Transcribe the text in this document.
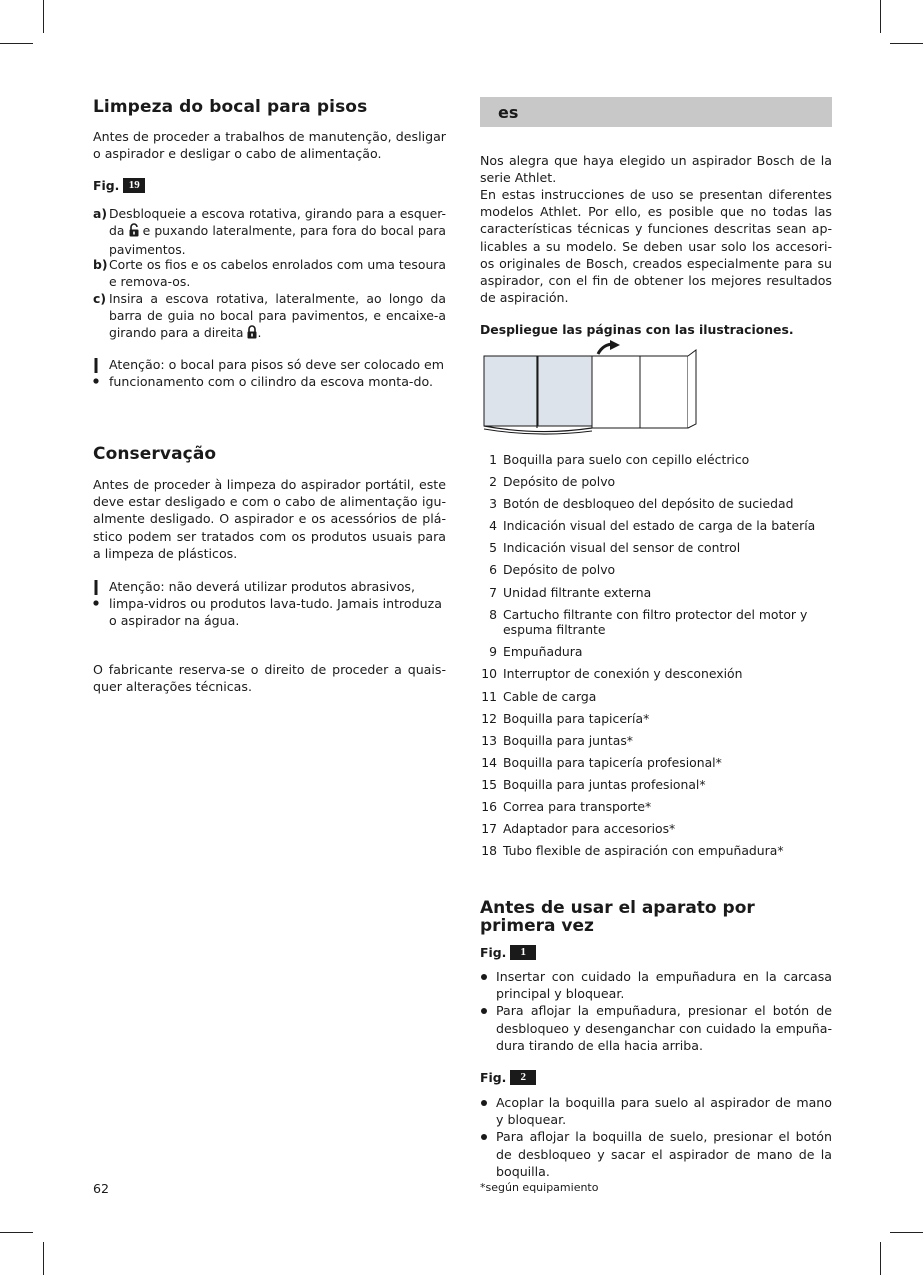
Limpeza do bocal para pisos

Antes de proceder a trabalhos de manutenção, desligar o aspirador e desligar o cabo de alimentação.

Fig. 19
a) Desbloqueie a escova rotativa, girando para a esquer-da  e puxando lateralmente, para fora do bocal para pavimentos.
b) Corte os fios e os cabelos enrolados com uma tesoura e remova-os.
c) Insira a escova rotativa, lateralmente, ao longo da barra de guia no bocal para pavimentos, e encaixe-a girando para a direita .
Atenção: o bocal para pisos só deve ser colocado em funcionamento com o cilindro da escova monta-do.
Conservação

Antes de proceder à limpeza do aspirador portátil, este deve estar desligado e com o cabo de alimentação igu-almente desligado. O aspirador e os acessórios de plá-stico podem ser tratados com os produtos usuais para a limpeza de plásticos.

Atenção: não deverá utilizar produtos abrasivos, limpa-vidros ou produtos lava-tudo. Jamais introduza o aspirador na água.

O fabricante reserva-se o direito de proceder a quais-quer alterações técnicas.

62
es

Nos alegra que haya elegido un aspirador Bosch de la serie Athlet.

En estas instrucciones de uso se presentan diferentes modelos Athlet. Por ello, es posible que no todas las características técnicas y funciones descritas sean ap-licables a su modelo. Se deben usar solo los accesori-os originales de Bosch, creados especialmente para su aspirador, con el fin de obtener los mejores resultados de aspiración.

Despliegue las páginas con las ilustraciones.
1 Boquilla para suelo con cepillo eléctrico
2 Depósito de polvo
3 Botón de desbloqueo del depósito de suciedad
4 Indicación visual del estado de carga de la batería
5 Indicación visual del sensor de control
6 Depósito de polvo
7 Unidad filtrante externa
8 Cartucho filtrante con filtro protector del motor y espuma filtrante
9 Empuñadura
10 Interruptor de conexión y desconexión
11 Cable de carga
12 Boquilla para tapicería*
13 Boquilla para juntas*
14 Boquilla para tapicería profesional*
15 Boquilla para juntas profesional*
16 Correa para transporte*
17 Adaptador para accesorios*
18 Tubo flexible de aspiración con empuñadura*
Antes de usar el aparato por primera vez
Fig.	1
Insertar con cuidado la empuñadura en la carcasa principal y bloquear.
Para aflojar la empuñadura, presionar el botón de desbloqueo y desenganchar con cuidado la empuña-dura tirando de ella hacia arriba.
Fig.	2
Acoplar la boquilla para suelo al aspirador de mano y bloquear.
Para aflojar la boquilla de suelo, presionar el botón de desbloqueo y sacar el aspirador de mano de la boquilla.
*según equipamiento
